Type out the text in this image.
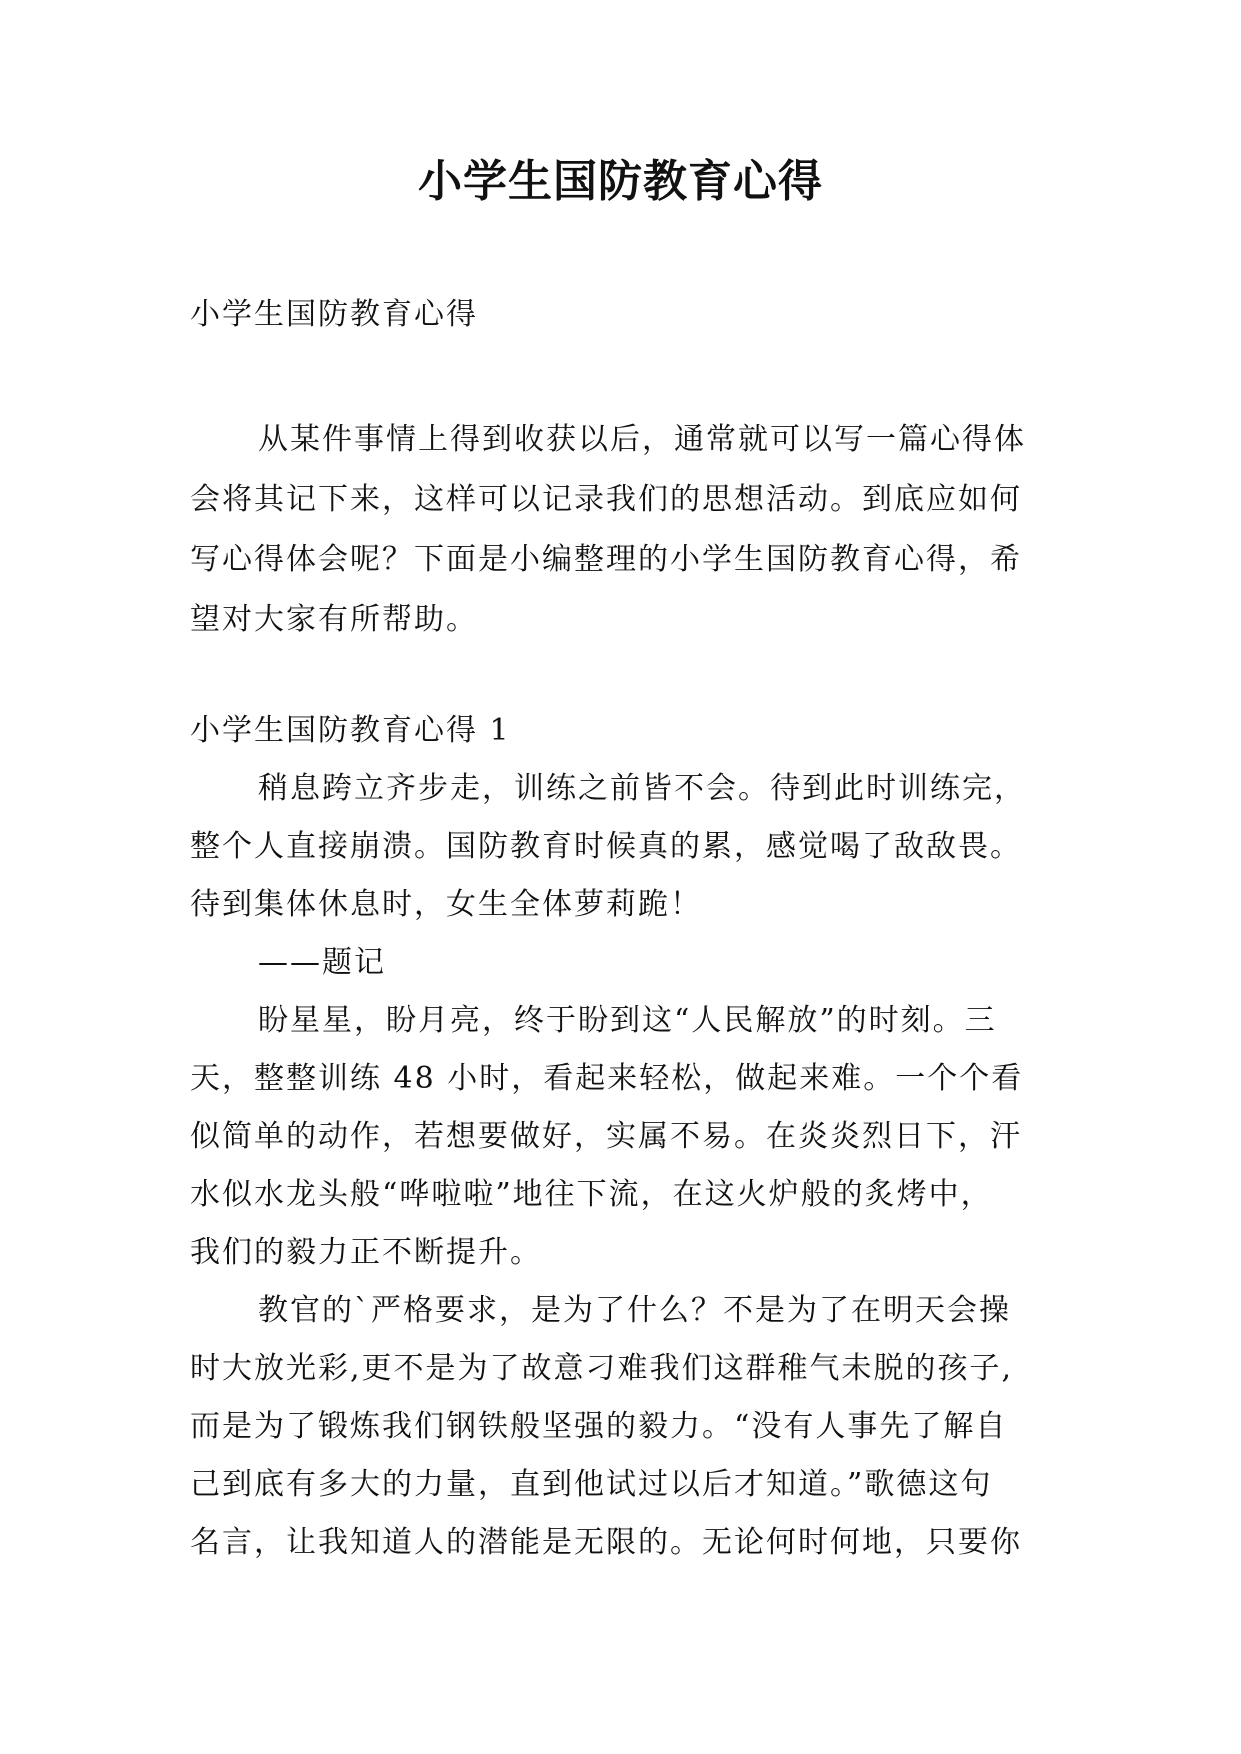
小学生国防教育心得
小学生国防教育心得
从某件事情上得到收获以后，通常就可以写一篇心得体
会将其记下来，这样可以记录我们的思想活动。到底应如何
写心得体会呢？下面是小编整理的小学生国防教育心得，希
望对大家有所帮助。
小学生国防教育心得 1
稍息跨立齐步走，训练之前皆不会。待到此时训练完，
整个人直接崩溃。国防教育时候真的累，感觉喝了敌敌畏。
待到集体休息时，女生全体萝莉跪！
——题记
盼星星，盼月亮，终于盼到这“人民解放”的时刻。三
天，整整训练 48 小时，看起来轻松，做起来难。一个个看
似简单的动作，若想要做好，实属不易。在炎炎烈日下，汗
水似水龙头般“哗啦啦”地往下流，在这火炉般的炙烤中，
我们的毅力正不断提升。
教官的`严格要求，是为了什么？不是为了在明天会操
时大放光彩,更不是为了故意刁难我们这群稚气未脱的孩子,
而是为了锻炼我们钢铁般坚强的毅力。“没有人事先了解自
己到底有多大的力量，直到他试过以后才知道。”歌德这句
名言，让我知道人的潜能是无限的。无论何时何地，只要你
